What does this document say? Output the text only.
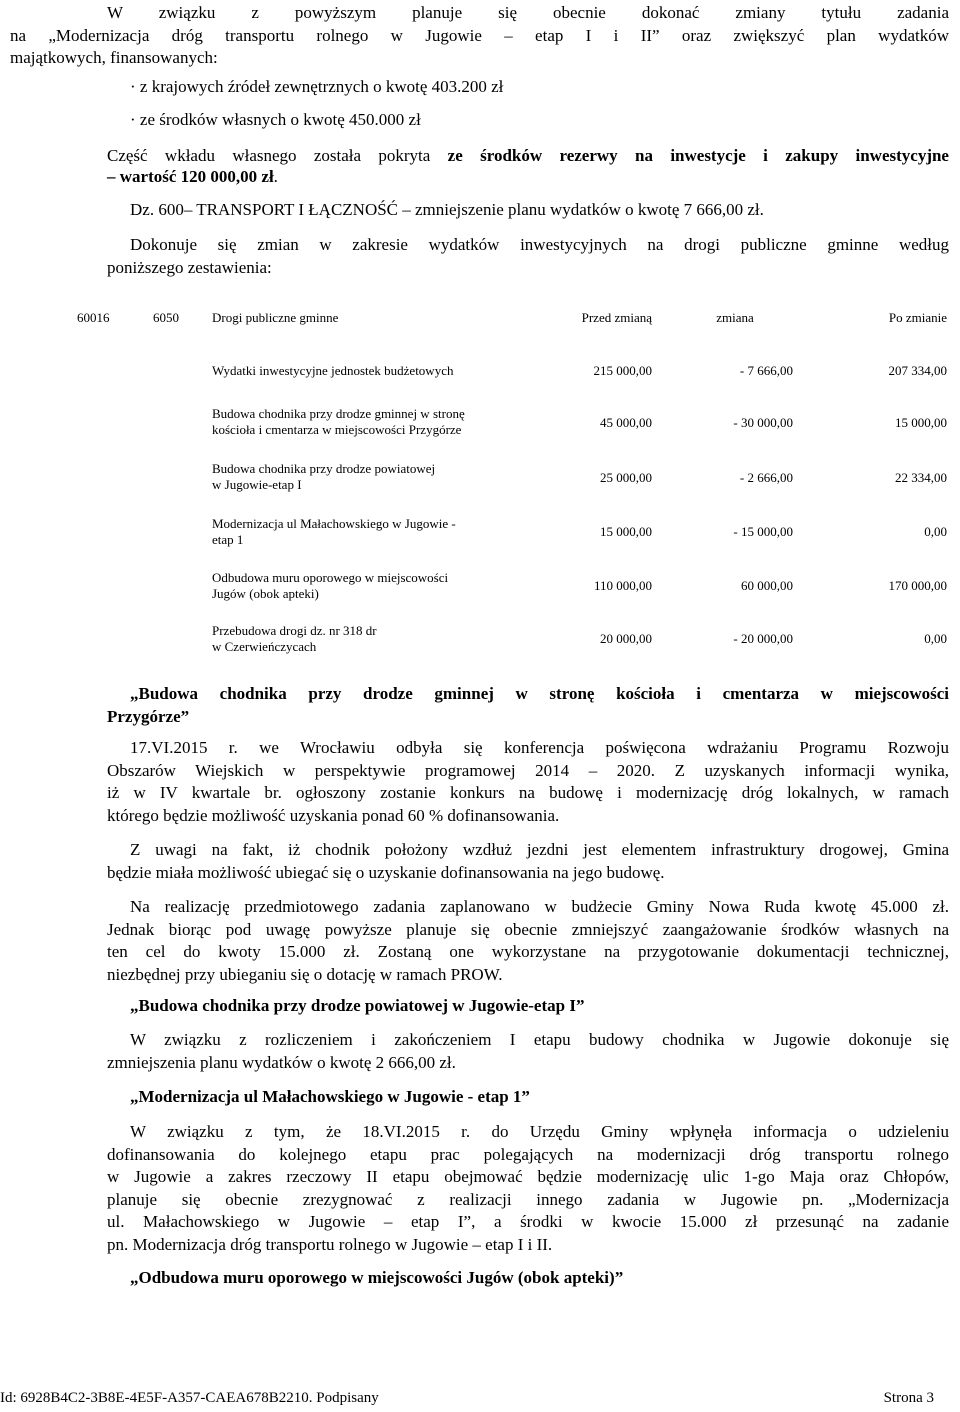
W związku z powyższym planuje się obecnie dokonać zmiany tytułu zadania
na „Modernizacja dróg transportu rolnego w Jugowie – etap I i II” oraz zwiększyć plan wydatków
majątkowych, finansowanych:
· z krajowych źródeł zewnętrznych o kwotę 403.200 zł
· ze środków własnych o kwotę 450.000 zł
Część wkładu własnego została pokryta ze środków rezerwy na inwestycje i zakupy inwestycyjne
– wartość 120 000,00 zł.
Dz. 600– TRANSPORT I ŁĄCZNOŚĆ – zmniejszenie planu wydatków o kwotę 7 666,00 zł.
Dokonuje się zmian w zakresie wydatków inwestycyjnych na drogi publiczne gminne według
poniższego zestawienia:
60016	6050	Drogi publiczne gminne	Przed zmianą	zmiana	Po zmianie
Wydatki inwestycyjne jednostek budżetowych	215 000,00	- 7 666,00	207 334,00
Budowa chodnika przy drodze gminnej w stronę
kościoła i cmentarza w miejscowości Przygórze	45 000,00	- 30 000,00	15 000,00
Budowa chodnika przy drodze powiatowej
w Jugowie-etap I	25 000,00	- 2 666,00	22 334,00
Modernizacja ul Małachowskiego w Jugowie -
etap 1
15 000,00	- 15 000,00	0,00
Odbudowa muru oporowego w miejscowości
Jugów (obok apteki)
110 000,00	60 000,00	170 000,00
Przebudowa drogi dz. nr 318 dr
w Czerwieńczycach
20 000,00	- 20 000,00	0,00
„Budowa chodnika przy drodze gminnej w stronę kościoła i cmentarza w miejscowości
Przygórze”
17.VI.2015 r. we Wrocławiu odbyła się konferencja poświęcona wdrażaniu Programu Rozwoju
Obszarów Wiejskich w perspektywie programowej 2014 – 2020. Z uzyskanych informacji wynika,
iż w IV kwartale br. ogłoszony zostanie konkurs na budowę i modernizację dróg lokalnych, w ramach
którego będzie możliwość uzyskania ponad 60 % dofinansowania.
Z uwagi na fakt, iż chodnik położony wzdłuż jezdni jest elementem infrastruktury drogowej, Gmina
będzie miała możliwość ubiegać się o uzyskanie dofinansowania na jego budowę.
Na realizację przedmiotowego zadania zaplanowano w budżecie Gminy Nowa Ruda kwotę 45.000 zł.
Jednak biorąc pod uwagę powyższe planuje się obecnie zmniejszyć zaangażowanie środków własnych na
ten cel do kwoty 15.000 zł. Zostaną one wykorzystane na przygotowanie dokumentacji technicznej,
niezbędnej przy ubieganiu się o dotację w ramach PROW.
„Budowa chodnika przy drodze powiatowej w Jugowie-etap I”
W związku z rozliczeniem i zakończeniem I etapu budowy chodnika w Jugowie dokonuje się
zmniejszenia planu wydatków o kwotę 2 666,00 zł.
„Modernizacja ul Małachowskiego w Jugowie - etap 1”
W związku z tym, że 18.VI.2015 r. do Urzędu Gminy wpłynęła informacja o udzieleniu
dofinansowania do kolejnego etapu prac polegających na modernizacji dróg transportu rolnego
w Jugowie a zakres rzeczowy II etapu obejmować będzie modernizację ulic 1-go Maja oraz Chłopów,
planuje się obecnie zrezygnować z realizacji innego zadania w Jugowie pn. „Modernizacja
ul. Małachowskiego w Jugowie – etap I”, a środki w kwocie 15.000 zł przesunąć na zadanie
pn. Modernizacja dróg transportu rolnego w Jugowie – etap I i II.
„Odbudowa muru oporowego w miejscowości Jugów (obok apteki)”
Id: 6928B4C2-3B8E-4E5F-A357-CAEA678B2210. Podpisany	Strona 3
